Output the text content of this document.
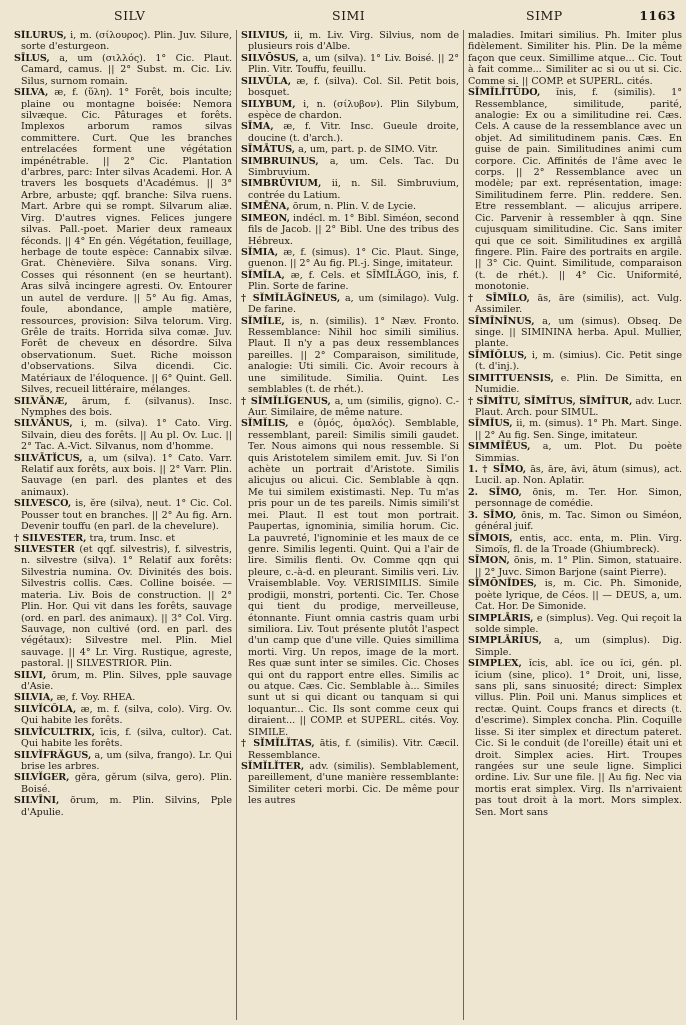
SILV	SIMI	SIMP	1163

SĪLŪRUS, i, m. (σίλουρος). Plin. Juv. Silure, sorte d'esturgeon.

SĪLUS, a, um (σιλλός). 1° Cic. Plaut. Camard, camus. || 2° Subst. m. Cic. Liv. Silus, surnom romain.

SILVA, æ, f. (ὕλη). 1° Forêt, bois inculte; plaine ou montagne boisée: Nemora silvæque. Cic. Pâturages et forêts. Implexos arborum ramos silvas committere. Curt. Que les branches entrelacées forment une végétation impénétrable. || 2° Cic. Plantation d'arbres, parc: Inter silvas Academi. Hor. A travers les bosquets d'Académus. || 3° Arbre, arbuste; qqf. branche: Silva ruens. Mart. Arbre qui se rompt. Silvarum aliæ. Virg. D'autres vignes. Felices jungere silvas. Pall.-poet. Marier deux rameaux féconds. || 4° En gén. Végétation, feuillage, herbage de toute espèce: Cannabix silvæ. Grat. Chènevière. Silva sonans. Virg. Cosses qui résonnent (en se heurtant). Aras silvâ incingere agresti. Ov. Entourer un autel de verdure. || 5° Au fig. Amas, foule, abondance, ample matière, ressources, provision: Silva telorum. Virg. Grêle de traits. Horrida silva comæ. Juv. Forêt de cheveux en désordre. Silva observationum. Suet. Riche moisson d'observations. Silva dicendi. Cic. Matériaux de l'éloquence. || 6° Quint. Gell. Silves, recueil littéraire, mélanges.

SILVĀNÆ, ārum, f. (silvanus). Insc. Nymphes des bois.

SILVĀNUS, i, m. (silva). 1° Cato. Virg. Silvain, dieu des forêts. || Au pl. Ov. Luc. || 2° Tac. A.-Vict. Silvanus, nom d'homme.

SILVĀTĬCUS, a, um (silva). 1° Cato. Varr. Relatif aux forêts, aux bois. || 2° Varr. Plin. Sauvage (en parl. des plantes et des animaux).

SILVESCO, is, ĕre (silva), neut. 1° Cic. Col. Pousser tout en branches. || 2° Au fig. Arn. Devenir touffu (en parl. de la chevelure).

† SILVESTER, tra, trum. Insc. et

SILVESTER (et qqf. silvestris), f. silvestris, n. silvestre (silva). 1° Relatif aux forêts: Silvestria numina. Ov. Divinités des bois. Silvestris collis. Cæs. Colline boisée. — materia. Liv. Bois de construction. || 2° Plin. Hor. Qui vit dans les forêts, sauvage (ord. en parl. des animaux). || 3° Col. Virg. Sauvage, non cultivé (ord. en parl. des végétaux): Silvestre mel. Plin. Miel sauvage. || 4° Lr. Virg. Rustique, agreste, pastoral. || SILVESTRIOR. Plin.

SILVI, ōrum, m. Plin. Silves, pple sauvage d'Asie.

SILVIA, æ, f. Voy. RHEA.

SILVĬCŎLA, æ, m. f. (silva, colo). Virg. Ov. Qui habite les forêts.

SILVĬCULTRIX, īcis, f. (silva, cultor). Cat. Qui habite les forêts.

SILVĬFRĂGUS, a, um (silva, frango). Lr. Qui brise les arbres.

SILVĬGER, gĕra, gĕrum (silva, gero). Plin. Boisé.

SILVĪNI, ōrum, m. Plin. Silvins, Pple d'Apulie.

SILVIUS, ii, m. Liv. Virg. Silvius, nom de plusieurs rois d'Albe.

SILVŌSUS, a, um (silva). 1° Liv. Boisé. || 2° Plin. Vitr. Touffu, feuillu.

SILVŬLA, æ, f. (silva). Col. Sil. Petit bois, bosquet.

SILYBUM, i, n. (σίλυβον). Plin Silybum, espèce de chardon.

SĪMA, æ, f. Vitr. Insc. Gueule droite, doucine (t. d'arch.).

SĪMĀTUS, a, um, part. p. de SIMO. Vitr.

SIMBRUINUS, a, um. Cels. Tac. Du Simbruvium.

SIMBRŪVIUM, ii, n. Sil. Simbruvium, contrée du Latium.

SIMĒNA, ōrum, n. Plin. V. de Lycie.

SIMEON, indécl. m. 1° Bibl. Siméon, second fils de Jacob. || 2° Bibl. Une des tribus des Hébreux.

SĬMIA, æ, f. (simus). 1° Cic. Plaut. Singe, guenon. || 2° Au fig. Pl.-j. Singe, imitateur.

SĬMĬLA, æ, f. Cels. et SĪMĬLĀGO, ĭnis, f. Plin. Sorte de farine.

† SĬMĬLĀGĬNEUS, a, um (similago). Vulg. De farine.

SĬMĬLE, is, n. (similis). 1° Næv. Fronto. Ressemblance: Nihil hoc simili similius. Plaut. Il n'y a pas deux ressemblances pareilles. || 2° Comparaison, similitude, analogie: Uti simili. Cic. Avoir recours à une similitude. Similia. Quint. Les semblables (t. de rhét.).

† SĬMĬLĬGENUS, a, um (similis, gigno). C.-Aur. Similaire, de même nature.

SĬMĬLIS, e (ὁμός, ὁμαλός). Semblable, ressemblant, pareil: Similis simili gaudet. Ter. Nous aimons qui nous ressemble. Si quis Aristotelem similem emit. Juv. Si l'on achète un portrait d'Aristote. Similis alicujus ou alicui. Cic. Semblable à qqn. Me tui similem existimasti. Nep. Tu m'as pris pour un de tes pareils. Nimis simili'st mei. Plaut. Il est tout mon portrait. Paupertas, ignominia, similia horum. Cic. La pauvreté, l'ignominie et les maux de ce genre. Similis legenti. Quint. Qui a l'air de lire. Similis flenti. Ov. Comme qqn qui pleure, c.-à-d. en pleurant. Similis veri. Liv. Vraisemblable. Voy. VERISIMILIS. Simile prodigii, monstri, portenti. Cic. Ter. Chose qui tient du prodige, merveilleuse, étonnante. Fiunt omnia castris quam urbi similiora. Liv. Tout présente plutôt l'aspect d'un camp que d'une ville. Quies simillima morti. Virg. Un repos, image de la mort. Res quæ sunt inter se similes. Cic. Choses qui ont du rapport entre elles. Similis ac ou atque. Cæs. Cic. Semblable à... Similes sunt ut si qui dicant ou tanquam si qui loquantur... Cic. Ils sont comme ceux qui diraient... || COMP. et SUPERL. cités. Voy. SIMILE.

† SĬMĬLĬTAS, ātis, f. (similis). Vitr. Cæcil. Ressemblance.

SĬMĬLĬTER, adv. (similis). Semblablement, pareillement, d'une manière ressemblante: Similiter ceteri morbi. Cic. De même pour les autres

maladies. Imitari similius. Ph. Imiter plus fidèlement. Similiter his. Plin. De la même façon que ceux. Simillime atque... Cic. Tout à fait comme... Similiter ac si ou ut si. Cic. Comme si. || COMP. et SUPERL. cités.

SĬMĬLĬTŪDO, ĭnis, f. (similis). 1° Ressemblance, similitude, parité, analogie: Ex ou a similitudine rei. Cæs. Cels. A cause de la ressemblance avec un objet. Ad similitudinem panis. Cæs. En guise de pain. Similitudines animi cum corpore. Cic. Affinités de l'âme avec le corps. || 2° Ressemblance avec un modèle; par ext. représentation, image: Similitudinem ferre. Plin. reddere. Sen. Etre ressemblant. — alicujus arripere. Cic. Parvenir à ressembler à qqn. Sine cujusquam similitudine. Cic. Sans imiter qui que ce soit. Similitudines ex argillâ fingere. Plin. Faire des portraits en argile. || 3° Cic. Quint. Similitude, comparaison (t. de rhét.). || 4° Cic. Uniformité, monotonie.

† SĪMĬLO, ās, āre (similis), act. Vulg. Assimiler.

SĪMĪNĪNUS, a, um (simus). Obseq. De singe. || SIMININA herba. Apul. Mullier, plante.

SĪMĬŎLUS, i, m. (simius). Cic. Petit singe (t. d'inj.).

SIMITTUENSIS, e. Plin. De Simitta, en Numidie.

† SĪMĬTU, SĪMĪTUS, SĪMĪTUR, adv. Lucr. Plaut. Arch. pour SIMUL.

SĪMĬUS, ii, m. (simus). 1° Ph. Mart. Singe. || 2° Au fig. Sen. Singe, imitateur.

SIMMĪĒUS, a, um. Plot. Du poète Simmias.

1. † SĪMO, ās, āre, āvi, ātum (simus), act. Lucil. ap. Non. Aplatir.

2. SĪMO, ōnis, m. Ter. Hor. Simon, personnage de comédie.

3. SĪMO, ōnis, m. Tac. Simon ou Siméon, général juif.

SĪMOIS, entis, acc. enta, m. Plin. Virg. Simoïs, fl. de la Troade (Ghiumbreck).

SĪMON, ōnis, m. 1° Plin. Simon, statuaire. || 2° Juvc. Simon Barjone (saint Pierre).

SĪMŌNĬDES, is, m. Cic. Ph. Simonide, poète lyrique, de Céos. || — DEUS, a, um. Cat. Hor. De Simonide.

SIMPLĀRIS, e (simplus). Veg. Qui reçoit la solde simple.

SIMPLĀRIUS, a, um (simplus). Dig. Simple.

SIMPLEX, ĭcis, abl. ĭce ou ĭci, gén. pl. ĭcium (sine, plico). 1° Droit, uni, lisse, sans pli, sans sinuosité; direct: Simplex villus. Plin. Poil uni. Manus simplices et rectæ. Quint. Coups francs et directs (t. d'escrime). Simplex concha. Plin. Coquille lisse. Si iter simplex et directum pateret. Cic. Si le conduit (de l'oreille) était uni et droit. Simplex acies. Hirt. Troupes rangées sur une seule ligne. Simplici ordine. Liv. Sur une file. || Au fig. Nec via mortis erat simplex. Virg. Ils n'arrivaient pas tout droit à la mort. Mors simplex. Sen. Mort sans
